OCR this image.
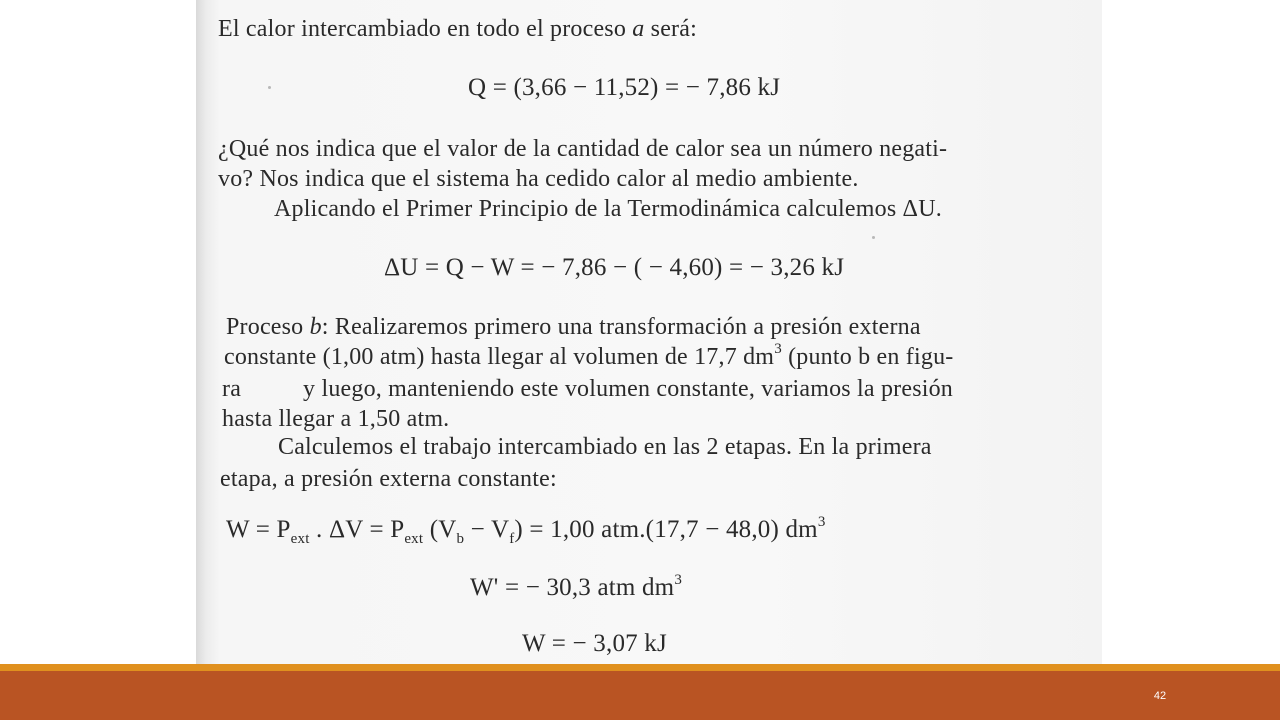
El calor intercambiado en todo el proceso a será:
Q = (3,66 − 11,52) = − 7,86 kJ
¿Qué nos indica que el valor de la cantidad de calor sea un número negati-
vo? Nos indica que el sistema ha cedido calor al medio ambiente.
Aplicando el Primer Principio de la Termodinámica calculemos ΔU.
ΔU = Q − W = − 7,86 − ( − 4,60) = − 3,26 kJ
Proceso b: Realizaremos primero una transformación a presión externa
constante (1,00 atm) hasta llegar al volumen de 17,7 $dm^3$ (punto b en figu-
ra	y luego, manteniendo este volumen constante, variamos la presión
hasta llegar a 1,50 atm.
Calculemos el trabajo intercambiado en las 2 etapas. En la primera
etapa, a presión externa constante:
$W = P_{ext}$ . $\Delta V = P_{ext}$ $(V_b - V_f) = 1,00$ atm.(17,7 − 48,0) $dm^3$
W' = − 30,3 atm $dm^3$
W = − 3,07 kJ
42
